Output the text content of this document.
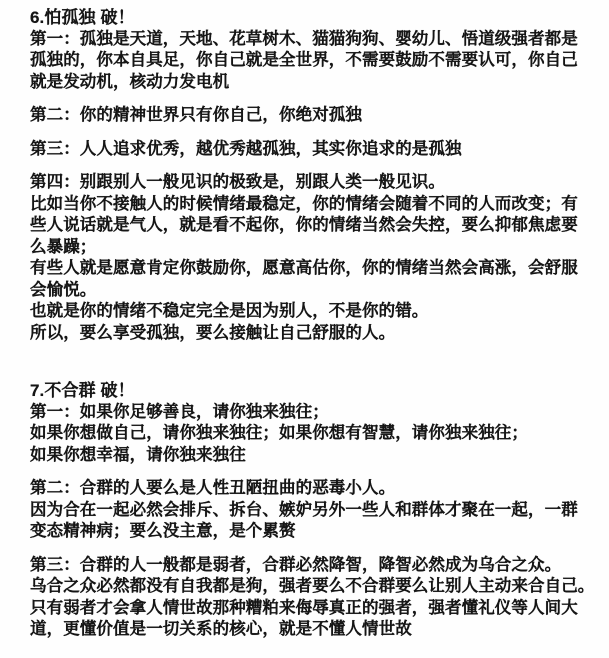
6.怕孤独 破！
第一：孤独是天道，天地、花草树木、猫猫狗狗、婴幼儿、悟道级强者都是
孤独的，你本自具足，你自己就是全世界，不需要鼓励不需要认可，你自己
就是发动机，核动力发电机
第二：你的精神世界只有你自己，你绝对孤独
第三：人人追求优秀，越优秀越孤独，其实你追求的是孤独
第四：别跟别人一般见识的极致是，别跟人类一般见识。
比如当你不接触人的时候情绪最稳定，你的情绪会随着不同的人而改变；有
些人说话就是气人，就是看不起你，你的情绪当然会失控，要么抑郁焦虑要
么暴躁；
有些人就是愿意肯定你鼓励你，愿意高估你，你的情绪当然会高涨，会舒服
会愉悦。
也就是你的情绪不稳定完全是因为别人，不是你的错。
所以，要么享受孤独，要么接触让自己舒服的人。
7.不合群 破！
第一：如果你足够善良，请你独来独往；
如果你想做自己，请你独来独往；如果你想有智慧，请你独来独往；
如果你想幸福，请你独来独往
第二：合群的人要么是人性丑陋扭曲的恶毒小人。
因为合在一起必然会排斥、拆台、嫉妒另外一些人和群体才聚在一起，一群
变态精神病；要么没主意，是个累赘
第三：合群的人一般都是弱者，合群必然降智，降智必然成为乌合之众。
乌合之众必然都没有自我都是狗，强者要么不合群要么让别人主动来合自己。
只有弱者才会拿人情世故那种糟粕来侮辱真正的强者，强者懂礼仪等人间大
道，更懂价值是一切关系的核心，就是不懂人情世故
